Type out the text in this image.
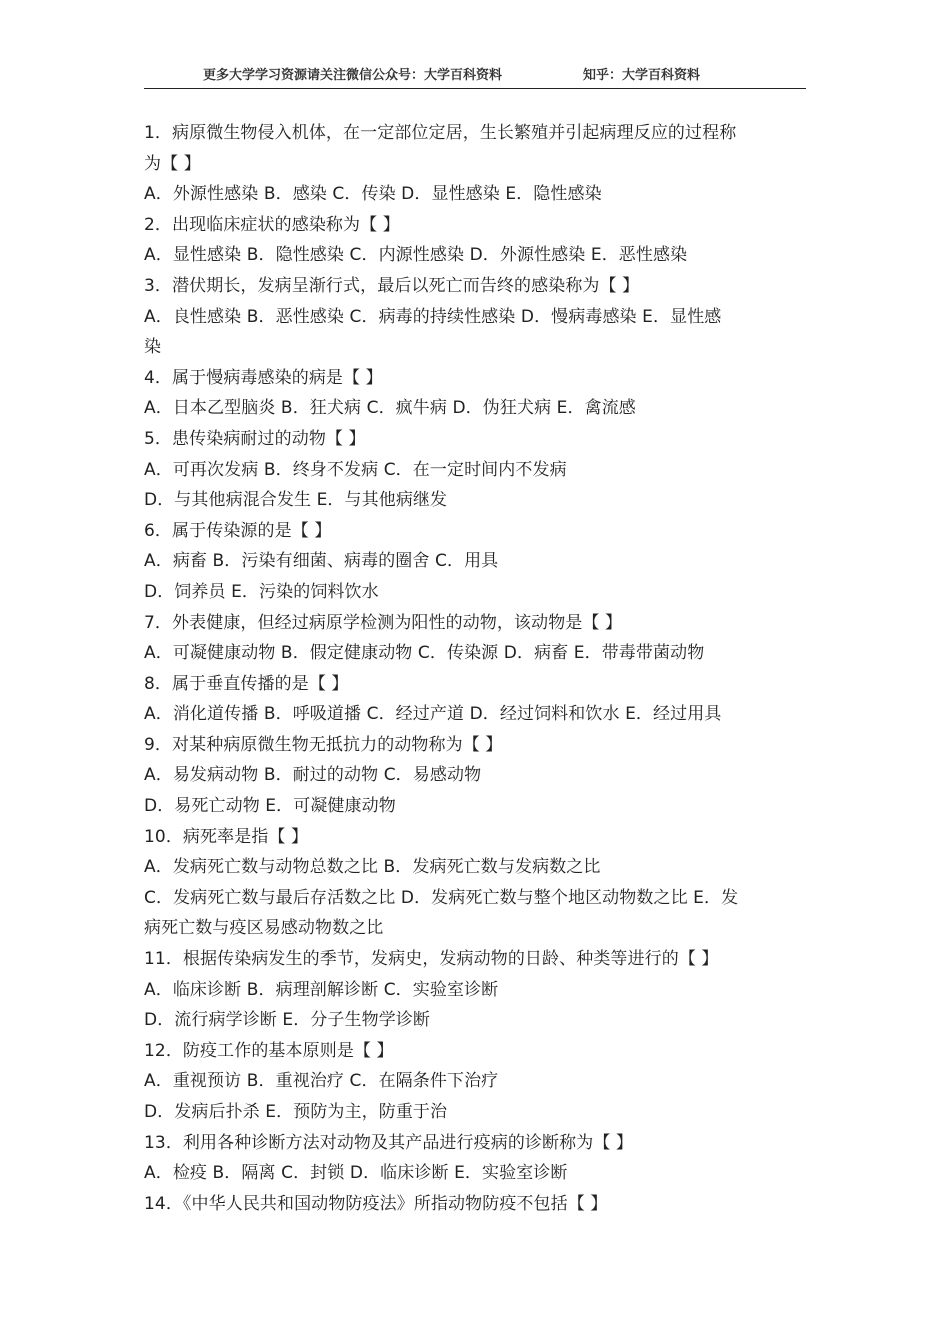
更多大学学习资源请关注微信公众号：大学百科资料	知乎：大学百科资料
1．病原微生物侵入机体，在一定部位定居，生长繁殖并引起病理反应的过程称
为【 】
A．外源性感染 B．感染 C．传染 D．显性感染 E．隐性感染
2．出现临床症状的感染称为【 】
A．显性感染 B．隐性感染 C．内源性感染 D．外源性感染 E．恶性感染
3．潜伏期长，发病呈渐行式，最后以死亡而告终的感染称为【 】
A．良性感染 B．恶性感染 C．病毒的持续性感染 D．慢病毒感染 E．显性感
染
4．属于慢病毒感染的病是【 】
A．日本乙型脑炎 B．狂犬病 C．疯牛病 D．伪狂犬病 E．禽流感
5．患传染病耐过的动物【 】
A．可再次发病 B．终身不发病 C．在一定时间内不发病
D．与其他病混合发生 E．与其他病继发
6．属于传染源的是【 】
A．病畜 B．污染有细菌、病毒的圈舍 C．用具
D．饲养员 E．污染的饲料饮水
7．外表健康，但经过病原学检测为阳性的动物，该动物是【 】
A．可凝健康动物 B．假定健康动物 C．传染源 D．病畜 E．带毒带菌动物
8．属于垂直传播的是【 】
A．消化道传播 B．呼吸道播 C．经过产道 D．经过饲料和饮水 E．经过用具
9．对某种病原微生物无抵抗力的动物称为【 】
A．易发病动物 B．耐过的动物 C．易感动物
D．易死亡动物 E．可凝健康动物
10．病死率是指【 】
A．发病死亡数与动物总数之比 B．发病死亡数与发病数之比
C．发病死亡数与最后存活数之比 D．发病死亡数与整个地区动物数之比 E．发
病死亡数与疫区易感动物数之比
11．根据传染病发生的季节，发病史，发病动物的日龄、种类等进行的【 】
A．临床诊断 B．病理剖解诊断 C．实验室诊断
D．流行病学诊断 E．分子生物学诊断
12．防疫工作的基本原则是【 】
A．重视预访 B．重视治疗 C．在隔条件下治疗
D．发病后扑杀 E．预防为主，防重于治
13．利用各种诊断方法对动物及其产品进行疫病的诊断称为【 】
A．检疫 B．隔离 C．封锁 D．临床诊断 E．实验室诊断
14．《中华人民共和国动物防疫法》所指动物防疫不包括【 】
